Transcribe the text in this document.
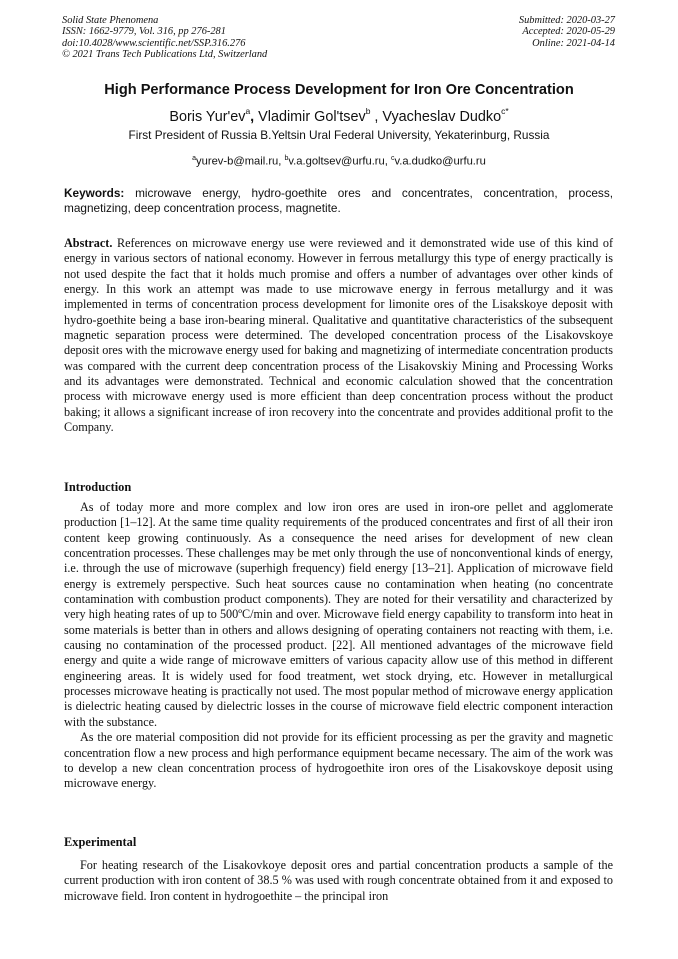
Solid State Phenomena
ISSN: 1662-9779, Vol. 316, pp 276-281
doi:10.4028/www.scientific.net/SSP.316.276
© 2021 Trans Tech Publications Ltd, Switzerland
Submitted: 2020-03-27
Accepted: 2020-05-29
Online: 2021-04-14
High Performance Process Development for Iron Ore Concentration
Boris $Yur'ev^a$, Vladimir Gol'tsev$^b$ , Vyacheslav Dudko$^{c*}$
First President of Russia B.Yeltsin Ural Federal University, Yekaterinburg, Russia
$^a$yurev-b@mail.ru, $^b$v.a.goltsev@urfu.ru, $^c$v.a.dudko@urfu.ru
Keywords: microwave energy, hydro-goethite ores and concentrates, concentration, process, magnetizing, deep concentration process, magnetite.
Abstract. References on microwave energy use were reviewed and it demonstrated wide use of this kind of energy in various sectors of national economy. However in ferrous metallurgy this type of energy practically is not used despite the fact that it holds much promise and offers a number of advantages over other kinds of energy. In this work an attempt was made to use microwave energy in ferrous metallurgy and it was implemented in terms of concentration process development for limonite ores of the Lisakskoye deposit with hydro-goethite being a base iron-bearing mineral. Qualitative and quantitative characteristics of the subsequent magnetic separation process were determined. The developed concentration process of the Lisakovskoye deposit ores with the microwave energy used for baking and magnetizing of intermediate concentration products was compared with the current deep concentration process of the Lisakovskiy Mining and Processing Works and its advantages were demonstrated. Technical and economic calculation showed that the concentration process with microwave energy used is more efficient than deep concentration process without the product baking; it allows a significant increase of iron recovery into the concentrate and provides additional profit to the Company.
Introduction

As of today more and more complex and low iron ores are used in iron-ore pellet and agglomerate production [1–12]. At the same time quality requirements of the produced concentrates and first of all their iron content keep growing continuously. As a consequence the need arises for development of new clean concentration processes. These challenges may be met only through the use of nonconventional kinds of energy, i.e. through the use of microwave (superhigh frequency) field energy [13–21]. Application of microwave field energy is extremely perspective. Such heat sources cause no contamination when heating (no concentrate contamination with combustion product components). They are noted for their versatility and characterized by very high heating rates of up to 500ºC/min and over. Microwave field energy capability to transform into heat in some materials is better than in others and allows designing of operating containers not reacting with them, i.e. causing no contamination of the processed product. [22]. All mentioned advantages of the microwave field energy and quite a wide range of microwave emitters of various capacity allow use of this method in different engineering areas. It is widely used for food treatment, wet stock drying, etc. However in metallurgical processes microwave heating is practically not used. The most popular method of microwave energy application is dielectric heating caused by dielectric losses in the course of microwave field electric component interaction with the substance.

As the ore material composition did not provide for its efficient processing as per the gravity and magnetic concentration flow a new process and high performance equipment became necessary. The aim of the work was to develop a new clean concentration process of hydrogoethite iron ores of the Lisakovskoye deposit using microwave energy.

Experimental

For heating research of the Lisakovkoye deposit ores and partial concentration products a sample of the current production with iron content of 38.5 % was used with rough concentrate obtained from it and exposed to microwave field. Iron content in hydrogoethite – the principal iron
